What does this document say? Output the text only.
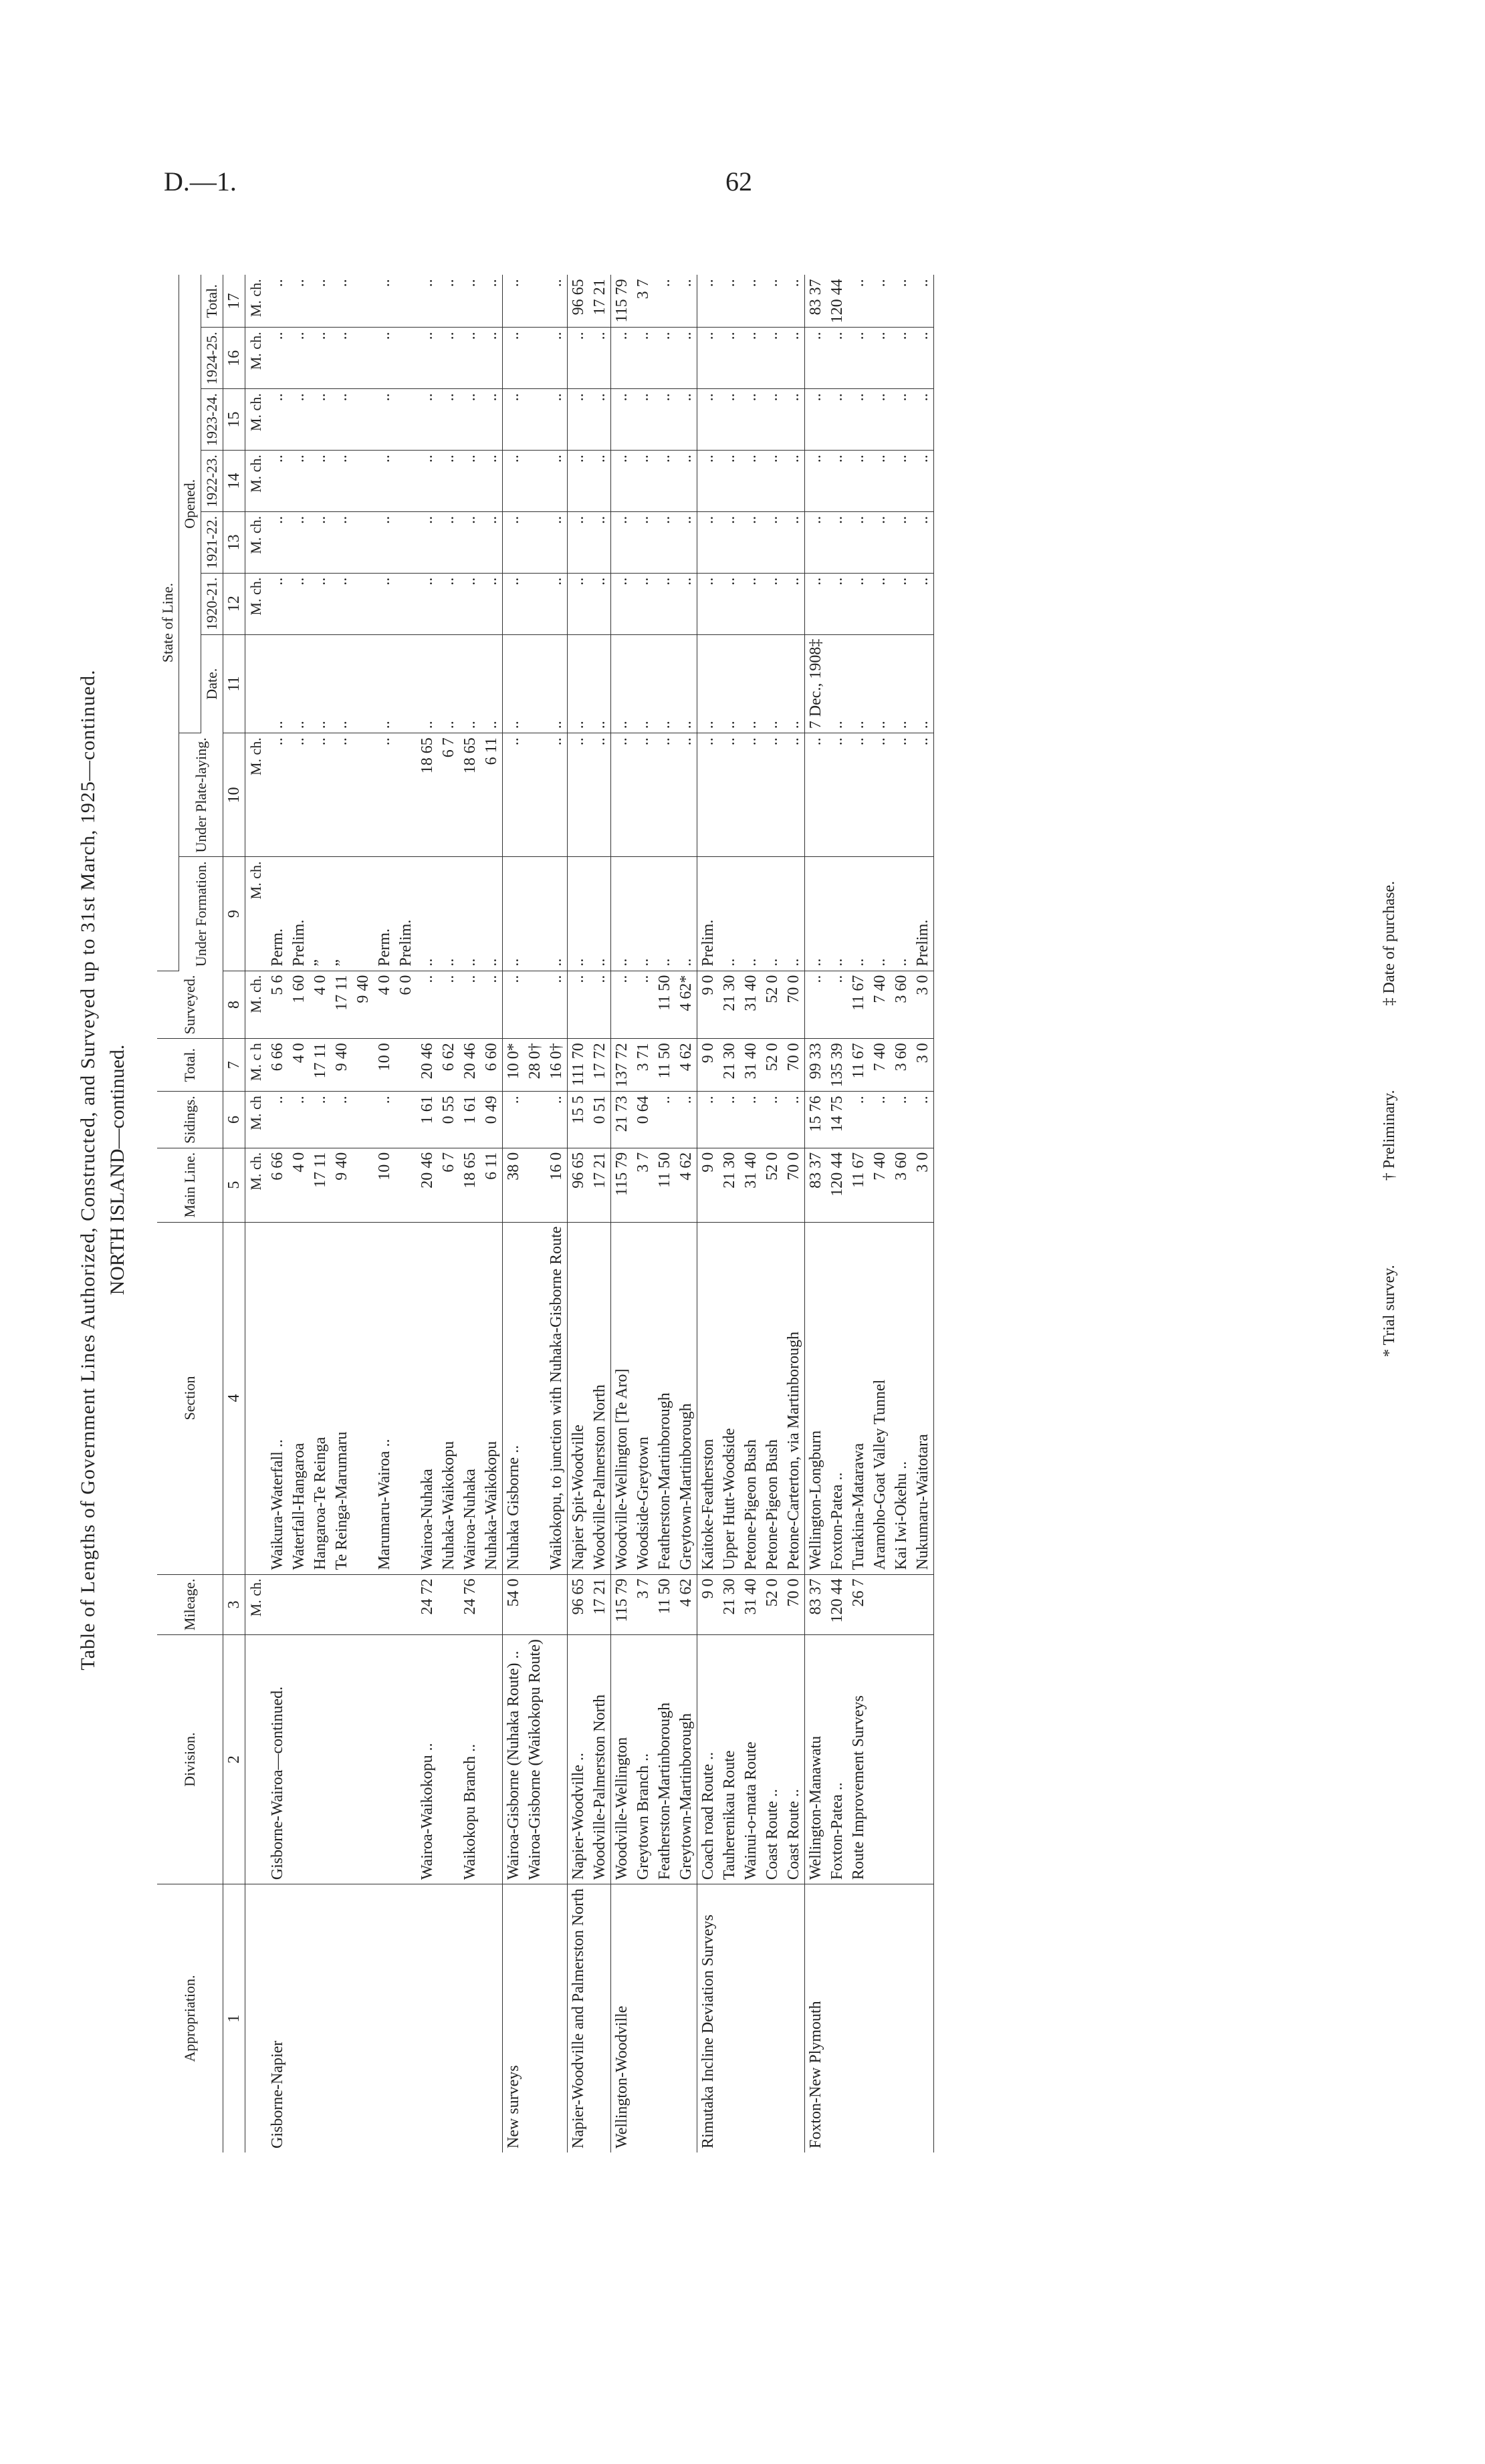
D.—1.	62
Table of Lengths of Government Lines Authorized, Constructed, and Surveyed up to 31st March, 1925—continued. NORTH ISLAND—continued.
Appropriation.	Division.	Mileage.	Section	Main Line.	Sidings.	Total.	Surveyed.	State of Line.								
								Under Formation.	Under Plate-laying.	Opened.						
										Date.	1920-21.	1921-22.	1922-23.	1923-24.	1924-25.	Total.
1	2	3	4	5	6	7	8	9	10	11	12	13	14	15	16	17
		M. ch.		M. ch.	M. ch	M. c h	M. ch.	M. ch.	M. ch.		M. ch.	M. ch.	M. ch.	M. ch.	M. ch.	M. ch.
Gisborne-Napier	Gisborne-Wairoa—continued.		Waikura-Waterfall ..	6 66	..	6 66	5 6	Perm.	..	..	..	..	..	..	..	..
			Waterfall-Hangaroa	4 0	..	4 0	1 60	Prelim.	..	..	..	..	..	..	..	..
			Hangaroa-Te Reinga	17 11	..	17 11	4 0	”	..	..	..	..	..	..	..	..
			Te Reinga-Marumaru	9 40	..	9 40	17 11	”	..	..	..	..	..	..	..	..
							9 40									
			Marumaru-Wairoa ..	10 0	..	10 0	4 0	Perm.	..	..	..	..	..	..	..	..
							6 0	Prelim.								
	Wairoa-Waikokopu ..	24 72	Wairoa-Nuhaka	20 46	1 61	20 46	..	..	18 65	..	..	..	..	..	..	..
			Nuhaka-Waikokopu	6 7	0 55	6 62	..	..	6 7	..	..	..	..	..	..	..
	Waikokopu Branch ..	24 76	Wairoa-Nuhaka	18 65	1 61	20 46	..	..	18 65	..	..	..	..	..	..	..
			Nuhaka-Waikokopu	6 11	0 49	6 60	..	..	6 11	..	..	..	..	..	..	..
New surveys	Wairoa-Gisborne (Nuhaka Route) ..	54 0	Nuhaka Gisborne ..	38 0	..	10 0*	..	..	..	..	..	..	..	..	..	..
	Wairoa-Gisborne (Waikokopu Route)					28 0†										
			Waikokopu, to junction with Nuhaka-Gisborne Route	16 0	..	16 0†	..	..	..	..	..	..	..	..	..	..
Napier-Woodville and Palmerston North	Napier-Woodville ..	96 65	Napier Spit-Woodville	96 65	15 5	111 70	..	..	..	..	..	..	..	..	..	96 65
	Woodville-Palmerston North	17 21	Woodville-Palmerston North	17 21	0 51	17 72	..	..	..	..	..	..	..	..	..	17 21
Wellington-Woodville	Woodville-Wellington	115 79	Woodville-Wellington [Te Aro]	115 79	21 73	137 72	..	..	..	..	..	..	..	..	..	115 79
	Greytown Branch ..	3 7	Woodside-Greytown	3 7	0 64	3 71	..	..	..	..	..	..	..	..	..	3 7
	Featherston-Martinborough	11 50	Featherston-Martinborough	11 50	..	11 50	11 50	..	..	..	..	..	..	..	..	..
	Greytown-Martinborough	4 62	Greytown-Martinborough	4 62	..	4 62	4 62*	..	..	..	..	..	..	..	..	..
Rimutaka Incline Deviation Surveys	Coach road Route ..	9 0	Kaitoke-Featherston	9 0	..	9 0	9 0	Prelim.	..	..	..	..	..	..	..	..
	Tauherenikau Route	21 30	Upper Hutt-Woodside	21 30	..	21 30	21 30	..	..	..	..	..	..	..	..	..
	Wainui-o-mata Route	31 40	Petone-Pigeon Bush	31 40	..	31 40	31 40	..	..	..	..	..	..	..	..	..
	Coast Route ..	52 0	Petone-Pigeon Bush	52 0	..	52 0	52 0	..	..	..	..	..	..	..	..	..
	Coast Route ..	70 0	Petone-Carterton, via Martinborough	70 0	..	70 0	70 0	..	..	..	..	..	..	..	..	..
Foxton-New Plymouth	Wellington-Manawatu	83 37	Wellington-Longburn	83 37	15 76	99 33	..	..	..	7 Dec., 1908‡	..	..	..	..	..	83 37
	Foxton-Patea ..	120 44	Foxton-Patea ..	120 44	14 75	135 39	..	..	..	..	..	..	..	..	..	120 44
	Route Improvement Surveys	26 7	Turakina-Matarawa	11 67	..	11 67	11 67	..	..	..	..	..	..	..	..	..
			Aramoho-Goat Valley Tunnel	7 40	..	7 40	7 40	..	..	..	..	..	..	..	..	..
			Kai Iwi-Okehu ..	3 60	..	3 60	3 60	..	..	..	..	..	..	..	..	..
			Nukumaru-Waitotara	3 0	..	3 0	3 0	Prelim.	..	..	..	..	..	..	..	..
* Trial survey. † Preliminary. ‡ Date of purchase.
